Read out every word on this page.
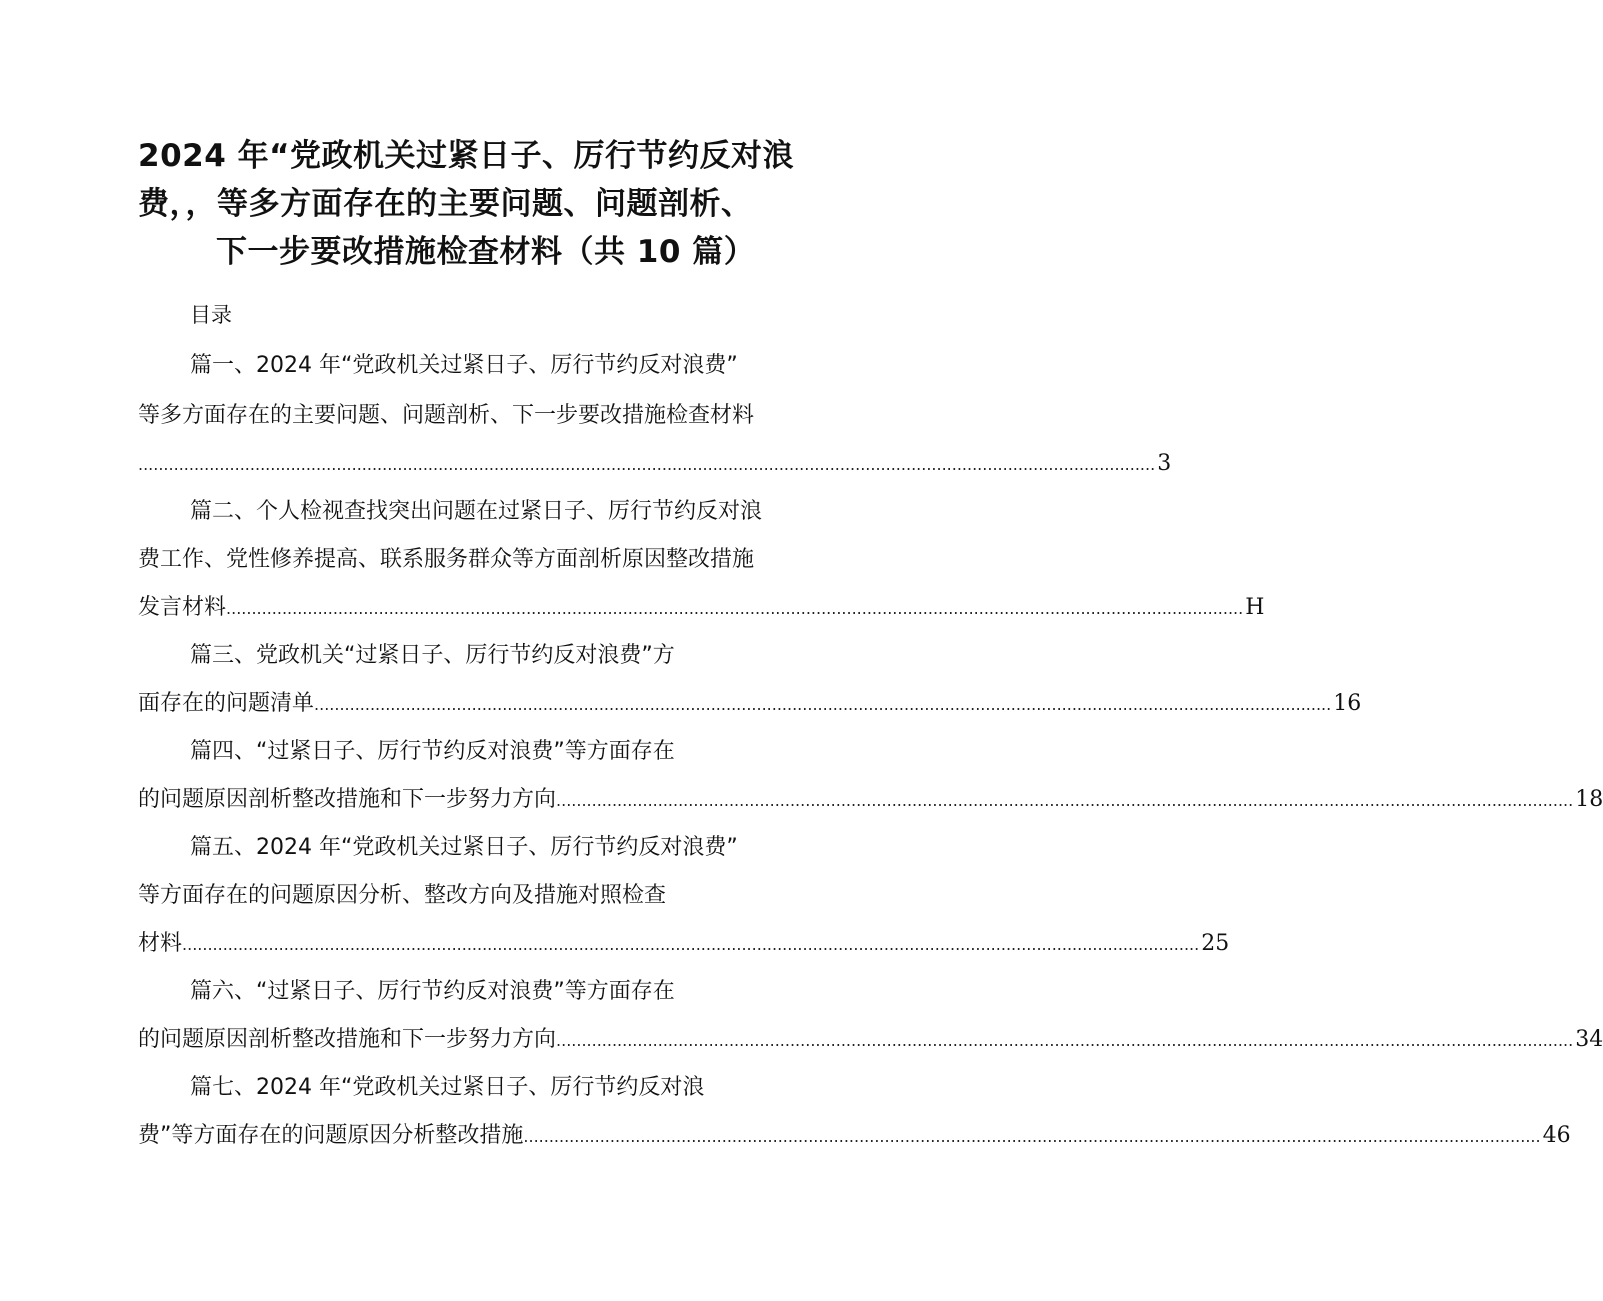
2024 年“党政机关过紧日子、厉行节约反对浪
费，，等多方面存在的主要问题、问题剖析、
下一步要改措施检查材料（共 10 篇）
目录
篇一、2024 年“党政机关过紧日子、厉行节约反对浪费”
等多方面存在的主要问题、问题剖析、下一步要改措施检查材料
........................................................................................................................................................................................................ 3
篇二、个人检视查找突出问题在过紧日子、厉行节约反对浪
费工作、党性修养提高、联系服务群众等方面剖析原因整改措施
发言材料 ........................................................................................................................................................................................................ H
篇三、党政机关“过紧日子、厉行节约反对浪费”方
面存在的问题清单 ........................................................................................................................................................................................................ 16
篇四、“过紧日子、厉行节约反对浪费”等方面存在
的问题原因剖析整改措施和下一步努力方向 ........................................................................................................................................................................................................ 18
篇五、2024 年“党政机关过紧日子、厉行节约反对浪费”
等方面存在的问题原因分析、整改方向及措施对照检查
材料 ........................................................................................................................................................................................................ 25
篇六、“过紧日子、厉行节约反对浪费”等方面存在
的问题原因剖析整改措施和下一步努力方向 ........................................................................................................................................................................................................ 34
篇七、2024 年“党政机关过紧日子、厉行节约反对浪
费”等方面存在的问题原因分析整改措施 ........................................................................................................................................................................................................ 46
